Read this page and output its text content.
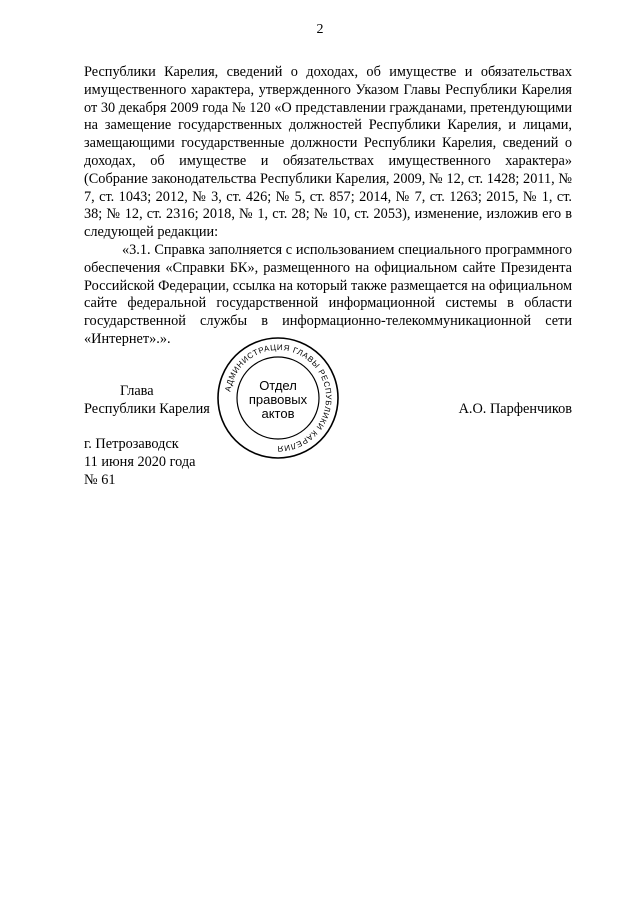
2

Республики Карелия, сведений о доходах, об имуществе и обязательствах имущественного характера, утвержденного Указом Главы Республики Карелия от 30 декабря 2009 года № 120 «О представлении гражданами, претендующими на замещение государственных должностей Республики Карелия, и лицами, замещающими государственные должности Республики Карелия, сведений о доходах, об имуществе и обязательствах имущественного характера» (Собрание законодательства Республики Карелия, 2009, № 12, ст. 1428; 2011, № 7, ст. 1043; 2012, № 3, ст. 426; № 5, ст. 857; 2014, № 7, ст. 1263; 2015, № 1, ст. 38; № 12, ст. 2316; 2018, № 1, ст. 28; № 10, ст. 2053), изменение, изложив его в следующей редакции:

«3.1. Справка заполняется с использованием специального программного обеспечения «Справки БК», размещенного на официальном сайте Президента Российской Федерации, ссылка на который также размещается на официальном сайте федеральной государственной информационной системы в области государственной службы в информационно-телекоммуникационной сети «Интернет».».

Глава
Республики Карелия	А.О. Парфенчиков
АДМИНИСТРАЦИЯ ГЛАВЫ РЕСПУБЛИКИ КАРЕЛИЯ
Отдел
правовых
актов
г. Петрозаводск
11 июня 2020 года
№ 61
